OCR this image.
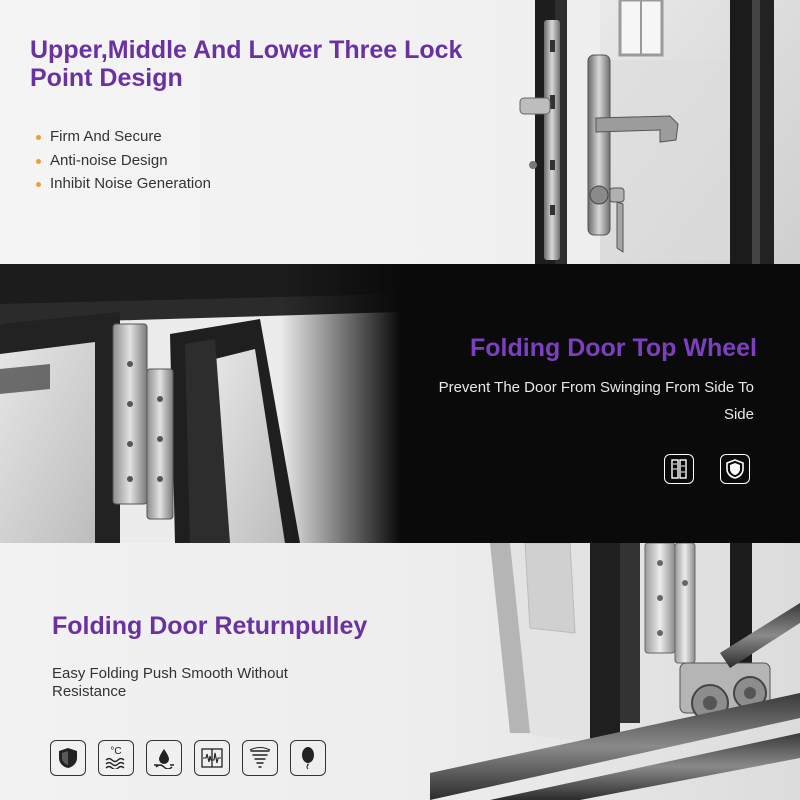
Upper,Middle And Lower Three Lock Point Design
Firm And Secure
Anti-noise Design
Inhibit Noise Generation
Folding Door Top Wheel
Prevent The Door From Swinging From Side To Side
Folding Door Returnpulley
Easy Folding Push Smooth Without Resistance
°C
